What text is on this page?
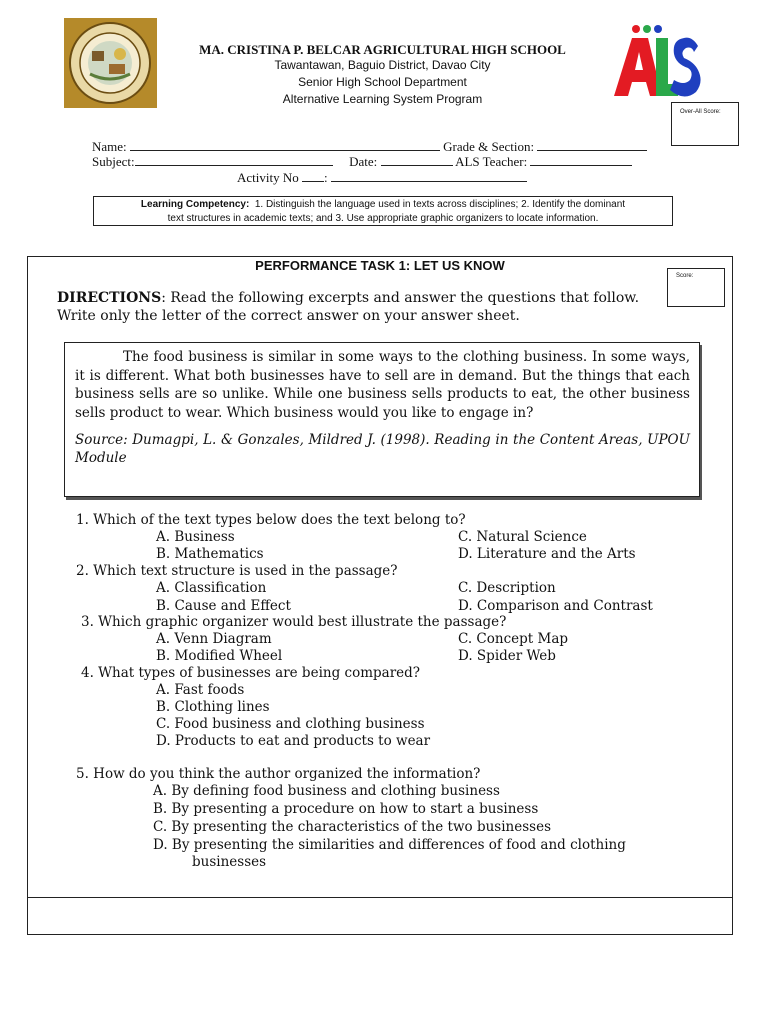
MA. CRISTINA P. BELCAR AGRICULTURAL HIGH SCHOOL
Tawantawan, Baguio District, Davao City
Senior High School Department
Alternative Learning System Program
Over-All Score:
Name:	Grade & Section:
Subject:	Date:	ALS Teacher:
Activity No :
Learning Competency: 1. Distinguish the language used in texts across disciplines; 2. Identify the dominant
text structures in academic texts; and 3. Use appropriate graphic organizers to locate information.
PERFORMANCE TASK 1: LET US KNOW
Score:
DIRECTIONS: Read the following excerpts and answer the questions that follow. Write only the letter of the correct answer on your answer sheet.
The food business is similar in some ways to the clothing business. In some ways, it is different. What both businesses have to sell are in demand. But the things that each business sells are so unlike. While one business sells products to eat, the other business sells product to wear. Which business would you like to engage in?
Source: Dumagpi, L. & Gonzales, Mildred J. (1998). Reading in the Content Areas, UPOU Module
1. Which of the text types below does the text belong to?
A. Business	C. Natural Science
B. Mathematics	D. Literature and the Arts
2. Which text structure is used in the passage?
A. Classification	C. Description
B. Cause and Effect	D. Comparison and Contrast
3. Which graphic organizer would best illustrate the passage?
A. Venn Diagram	C. Concept Map
B. Modified Wheel	D. Spider Web
4. What types of businesses are being compared?
A. Fast foods
B. Clothing lines
C. Food business and clothing business
D. Products to eat and products to wear
5. How do you think the author organized the information?
A. By defining food business and clothing business
B. By presenting a procedure on how to start a business
C. By presenting the characteristics of the two businesses
D. By presenting the similarities and differences of food and clothing
businesses
